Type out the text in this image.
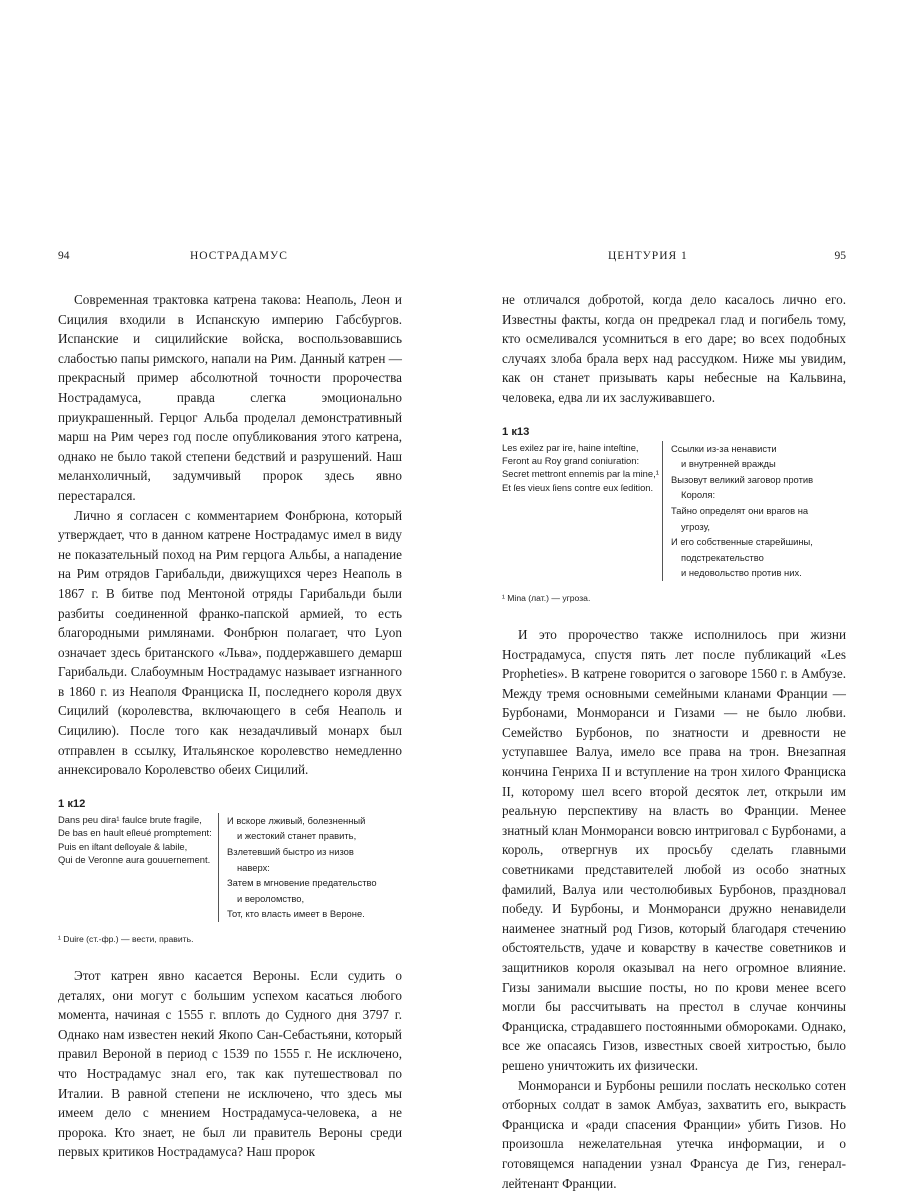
94	НОСТРАДАМУС

Современная трактовка катрена такова: Неаполь, Леон и Сицилия входили в Испанскую империю Габсбургов. Испанские и сицилийские войска, воспользовавшись слабостью папы римского, напали на Рим. Данный катрен — прекрасный пример абсолютной точности пророчества Нострадамуса, правда слегка эмоционально приукрашенный. Герцог Альба проделал демонстративный марш на Рим через год после опубликования этого катрена, однако не было такой степени бедствий и разрушений. Наш меланхоличный, задумчивый пророк здесь явно перестарался.

Лично я согласен с комментарием Фонбрюна, который утверждает, что в данном катрене Нострадамус имел в виду не показательный поход на Рим герцога Альбы, а нападение на Рим отрядов Гарибальди, движущихся через Неаполь в 1867 г. В битве под Ментоной отряды Гарибальди были разбиты соединенной франко-папской армией, то есть благородными римлянами. Фонбрюн полагает, что Lyon означает здесь британского «Льва», поддержавшего демарш Гарибальди. Слабоумным Нострадамус называет изгнанного в 1860 г. из Неаполя Франциска II, последнего короля двух Сицилий (королевства, включающего в себя Неаполь и Сицилию). После того как незадачливый монарх был отправлен в ссылку, Итальянское королевство немедленно аннексировало Королевство обеих Сицилий.

1 к12
Dans peu dira¹ faulce brute fragile,
De bas en hault eſleué promptement:
Puis en iſtant deſloyale & labile,
Qui de Veronne aura gouuernement.
И вскоре лживый, болезненный
и жестокий станет править,
Взлетевший быстро из низов
наверх:
Затем в мгновение предательство
и вероломство,
Тот, кто власть имеет в Вероне.
¹ Duire (ст.-фр.) — вести, править.

Этот катрен явно касается Вероны. Если судить о деталях, они могут с большим успехом касаться любого момента, начиная с 1555 г. вплоть до Судного дня 3797 г. Однако нам известен некий Якопо Сан-Себастьяни, который правил Вероной в период с 1539 по 1555 г. Не исключено, что Нострадамус знал его, так как путешествовал по Италии. В равной степени не исключено, что здесь мы имеем дело с мнением Нострадамуса-человека, а не пророка. Кто знает, не был ли правитель Вероны среди первых критиков Нострадамуса? Наш пророк

ЦЕНТУРИЯ 1	95

не отличался добротой, когда дело касалось лично его. Известны факты, когда он предрекал глад и погибель тому, кто осмеливался усомниться в его даре; во всех подобных случаях злоба брала верх над рассудком. Ниже мы увидим, как он станет призывать кары небесные на Кальвина, человека, едва ли их заслуживавшего.

1 к13
Les exilez par ire, haine inteſtine,
Feront au Roy grand coniuration:
Secret mettront ennemis par la mine,¹
Et ſes vieux ſiens contre eux ſedition.
Ссылки из-за ненависти
и внутренней вражды
Вызовут великий заговор против
Короля:
Тайно определят они врагов на
угрозу,
И его собственные старейшины,
подстрекательство
и недовольство против них.
¹ Mina (лат.) — угроза.

И это пророчество также исполнилось при жизни Нострадамуса, спустя пять лет после публикаций «Les Propheties». В катрене говорится о заговоре 1560 г. в Амбузе. Между тремя основными семейными кланами Франции — Бурбонами, Монморанси и Гизами — не было любви. Семейство Бурбонов, по знатности и древности не уступавшее Валуа, имело все права на трон. Внезапная кончина Генриха II и вступление на трон хилого Франциска II, которому шел всего второй десяток лет, открыли им реальную перспективу на власть во Франции. Менее знатный клан Монморанси вовсю интриговал с Бурбонами, а король, отвергнув их просьбу сделать главными советниками представителей любой из особо знатных фамилий, Валуа или честолюбивых Бурбонов, праздновал победу. И Бурбоны, и Монморанси дружно ненавидели наименее знатный род Гизов, который благодаря стечению обстоятельств, удаче и коварству в качестве советников и защитников короля оказывал на него огромное влияние. Гизы занимали высшие посты, но по крови менее всего могли бы рассчитывать на престол в случае кончины Франциска, страдавшего постоянными обмороками. Однако, все же опасаясь Гизов, известных своей хитростью, было решено уничтожить их физически.

Монморанси и Бурбоны решили послать несколько сотен отборных солдат в замок Амбуаз, захватить его, выкрасть Франциска и «ради спасения Франции» убить Гизов. Но произошла нежелательная утечка информации, и о готовящемся нападении узнал Франсуа де Гиз, генерал-лейтенант Франции.
